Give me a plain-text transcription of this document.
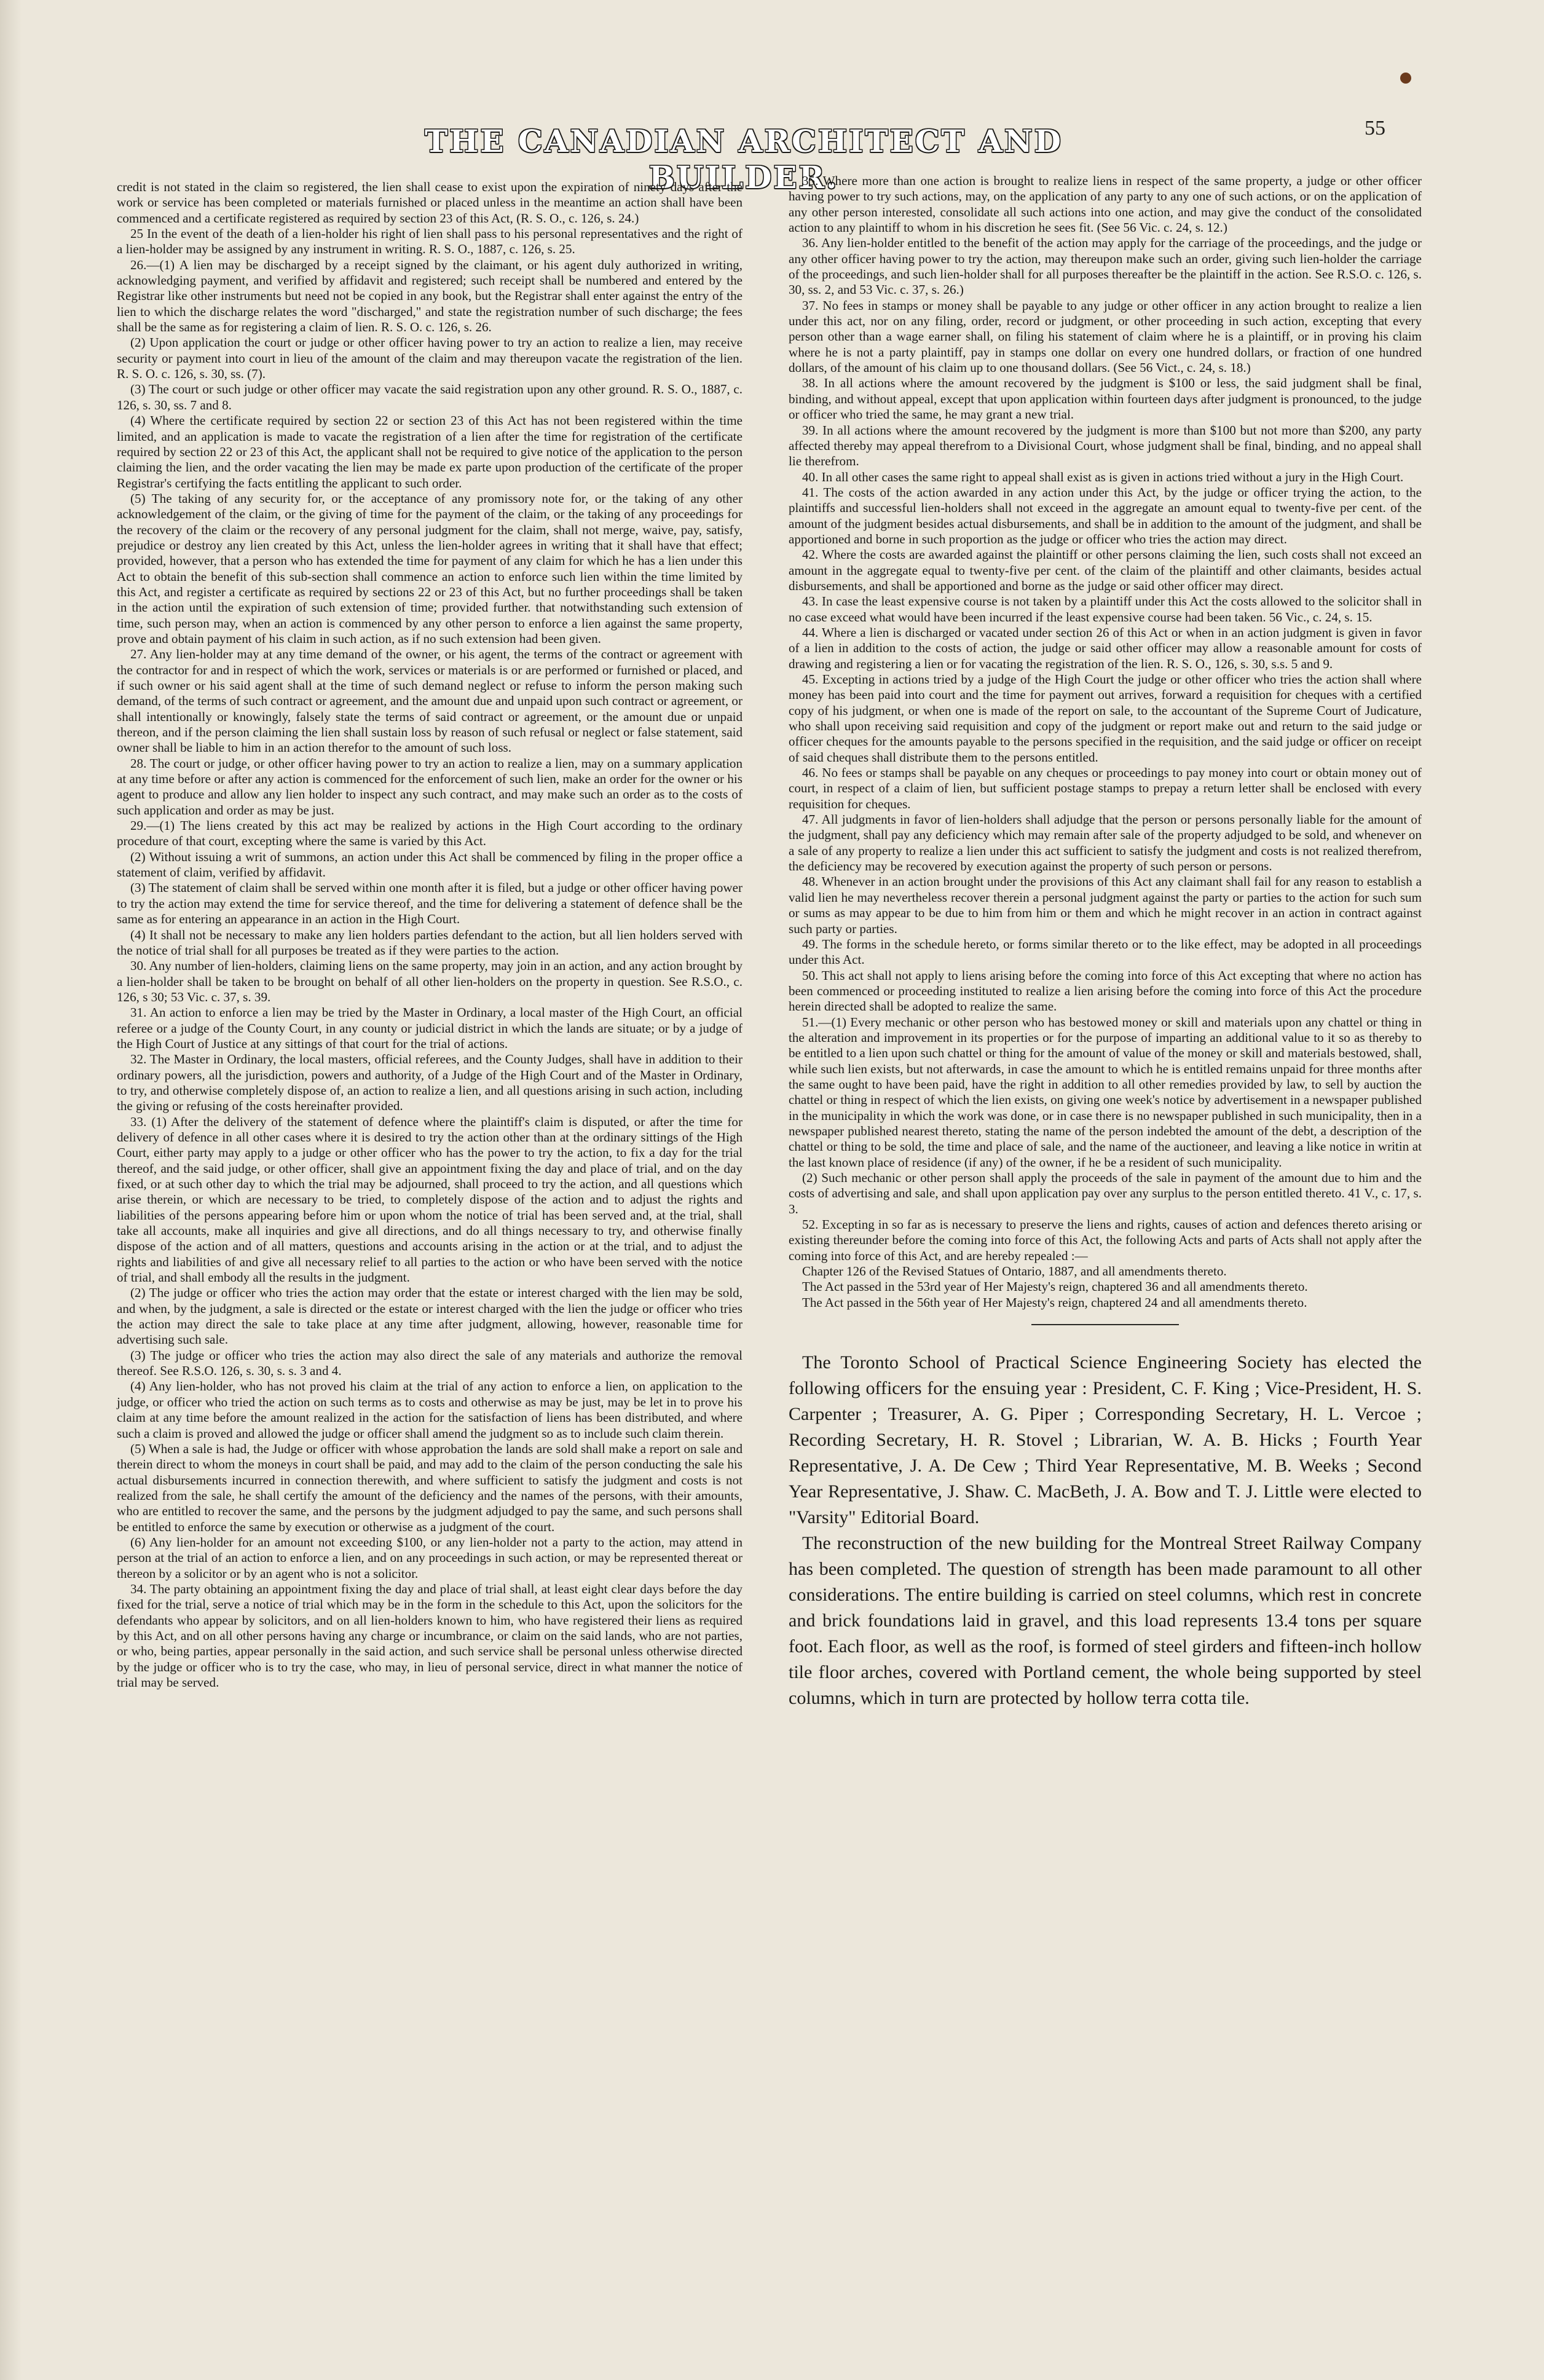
55
THE CANADIAN ARCHITECT AND BUILDER.

credit is not stated in the claim so registered, the lien shall cease to exist upon the expiration of ninety days after the work or service has been completed or materials furnished or placed unless in the meantime an action shall have been commenced and a certificate registered as required by section 23 of this Act, (R. S. O., c. 126, s. 24.)

25 In the event of the death of a lien-holder his right of lien shall pass to his personal representatives and the right of a lien-holder may be assigned by any instrument in writing. R. S. O., 1887, c. 126, s. 25.

26.—(1) A lien may be discharged by a receipt signed by the claimant, or his agent duly authorized in writing, acknowledging payment, and verified by affidavit and registered; such receipt shall be numbered and entered by the Registrar like other instruments but need not be copied in any book, but the Registrar shall enter against the entry of the lien to which the discharge relates the word "discharged," and state the registration number of such discharge; the fees shall be the same as for registering a claim of lien. R. S. O. c. 126, s. 26.

(2) Upon application the court or judge or other officer having power to try an action to realize a lien, may receive security or payment into court in lieu of the amount of the claim and may thereupon vacate the registration of the lien. R. S. O. c. 126, s. 30, ss. (7).

(3) The court or such judge or other officer may vacate the said registration upon any other ground. R. S. O., 1887, c. 126, s. 30, ss. 7 and 8.

(4) Where the certificate required by section 22 or section 23 of this Act has not been registered within the time limited, and an application is made to vacate the registration of a lien after the time for registration of the certificate required by section 22 or 23 of this Act, the applicant shall not be required to give notice of the application to the person claiming the lien, and the order vacating the lien may be made ex parte upon production of the certificate of the proper Registrar's certifying the facts entitling the applicant to such order.

(5) The taking of any security for, or the acceptance of any promissory note for, or the taking of any other acknowledgement of the claim, or the giving of time for the payment of the claim, or the taking of any proceedings for the recovery of the claim or the recovery of any personal judgment for the claim, shall not merge, waive, pay, satisfy, prejudice or destroy any lien created by this Act, unless the lien-holder agrees in writing that it shall have that effect; provided, however, that a person who has extended the time for payment of any claim for which he has a lien under this Act to obtain the benefit of this sub-section shall commence an action to enforce such lien within the time limited by this Act, and register a certificate as required by sections 22 or 23 of this Act, but no further proceedings shall be taken in the action until the expiration of such extension of time; provided further. that notwithstanding such extension of time, such person may, when an action is commenced by any other person to enforce a lien against the same property, prove and obtain payment of his claim in such action, as if no such extension had been given.

27. Any lien-holder may at any time demand of the owner, or his agent, the terms of the contract or agreement with the contractor for and in respect of which the work, services or materials is or are performed or furnished or placed, and if such owner or his said agent shall at the time of such demand neglect or refuse to inform the person making such demand, of the terms of such contract or agreement, and the amount due and unpaid upon such contract or agreement, or shall intentionally or knowingly, falsely state the terms of said contract or agreement, or the amount due or unpaid thereon, and if the person claiming the lien shall sustain loss by reason of such refusal or neglect or false statement, said owner shall be liable to him in an action therefor to the amount of such loss.

28. The court or judge, or other officer having power to try an action to realize a lien, may on a summary application at any time before or after any action is commenced for the enforcement of such lien, make an order for the owner or his agent to produce and allow any lien holder to inspect any such contract, and may make such an order as to the costs of such application and order as may be just.

29.—(1) The liens created by this act may be realized by actions in the High Court according to the ordinary procedure of that court, excepting where the same is varied by this Act.

(2) Without issuing a writ of summons, an action under this Act shall be commenced by filing in the proper office a statement of claim, verified by affidavit.

(3) The statement of claim shall be served within one month after it is filed, but a judge or other officer having power to try the action may extend the time for service thereof, and the time for delivering a statement of defence shall be the same as for entering an appearance in an action in the High Court.

(4) It shall not be necessary to make any lien holders parties defendant to the action, but all lien holders served with the notice of trial shall for all purposes be treated as if they were parties to the action.

30. Any number of lien-holders, claiming liens on the same property, may join in an action, and any action brought by a lien-holder shall be taken to be brought on behalf of all other lien-holders on the property in question. See R.S.O., c. 126, s 30; 53 Vic. c. 37, s. 39.

31. An action to enforce a lien may be tried by the Master in Ordinary, a local master of the High Court, an official referee or a judge of the County Court, in any county or judicial district in which the lands are situate; or by a judge of the High Court of Justice at any sittings of that court for the trial of actions.

32. The Master in Ordinary, the local masters, official referees, and the County Judges, shall have in addition to their ordinary powers, all the jurisdiction, powers and authority, of a Judge of the High Court and of the Master in Ordinary, to try, and otherwise completely dispose of, an action to realize a lien, and all questions arising in such action, including the giving or refusing of the costs hereinafter provided.

33. (1) After the delivery of the statement of defence where the plaintiff's claim is disputed, or after the time for delivery of defence in all other cases where it is desired to try the action other than at the ordinary sittings of the High Court, either party may apply to a judge or other officer who has the power to try the action, to fix a day for the trial thereof, and the said judge, or other officer, shall give an appointment fixing the day and place of trial, and on the day fixed, or at such other day to which the trial may be adjourned, shall proceed to try the action, and all questions which arise therein, or which are necessary to be tried, to completely dispose of the action and to adjust the rights and liabilities of the persons appearing before him or upon whom the notice of trial has been served and, at the trial, shall take all accounts, make all inquiries and give all directions, and do all things necessary to try, and otherwise finally dispose of the action and of all matters, questions and accounts arising in the action or at the trial, and to adjust the rights and liabilities of and give all necessary relief to all parties to the action or who have been served with the notice of trial, and shall embody all the results in the judgment.

(2) The judge or officer who tries the action may order that the estate or interest charged with the lien may be sold, and when, by the judgment, a sale is directed or the estate or interest charged with the lien the judge or officer who tries the action may direct the sale to take place at any time after judgment, allowing, however, reasonable time for advertising such sale.

(3) The judge or officer who tries the action may also direct the sale of any materials and authorize the removal thereof. See R.S.O. 126, s. 30, s. s. 3 and 4.

(4) Any lien-holder, who has not proved his claim at the trial of any action to enforce a lien, on application to the judge, or officer who tried the action on such terms as to costs and otherwise as may be just, may be let in to prove his claim at any time before the amount realized in the action for the satisfaction of liens has been distributed, and where such a claim is proved and allowed the judge or officer shall amend the judgment so as to include such claim therein.

(5) When a sale is had, the Judge or officer with whose approbation the lands are sold shall make a report on sale and therein direct to whom the moneys in court shall be paid, and may add to the claim of the person conducting the sale his actual disbursements incurred in connection therewith, and where sufficient to satisfy the judgment and costs is not realized from the sale, he shall certify the amount of the deficiency and the names of the persons, with their amounts, who are entitled to recover the same, and the persons by the judgment adjudged to pay the same, and such persons shall be entitled to enforce the same by execution or otherwise as a judgment of the court.

(6) Any lien-holder for an amount not exceeding $100, or any lien-holder not a party to the action, may attend in person at the trial of an action to enforce a lien, and on any proceedings in such action, or may be represented thereat or thereon by a solicitor or by an agent who is not a solicitor.

34. The party obtaining an appointment fixing the day and place of trial shall, at least eight clear days before the day fixed for the trial, serve a notice of trial which may be in the form in the schedule to this Act, upon the solicitors for the defendants who appear by solicitors, and on all lien-holders known to him, who have registered their liens as required by this Act, and on all other persons having any charge or incumbrance, or claim on the said lands, who are not parties, or who, being parties, appear personally in the said action, and such service shall be personal unless otherwise directed by the judge or officer who is to try the case, who may, in lieu of personal service, direct in what manner the notice of trial may be served.

35. Where more than one action is brought to realize liens in respect of the same property, a judge or other officer having power to try such actions, may, on the application of any party to any one of such actions, or on the application of any other person interested, consolidate all such actions into one action, and may give the conduct of the consolidated action to any plaintiff to whom in his discretion he sees fit. (See 56 Vic. c. 24, s. 12.)

36. Any lien-holder entitled to the benefit of the action may apply for the carriage of the proceedings, and the judge or any other officer having power to try the action, may thereupon make such an order, giving such lien-holder the carriage of the proceedings, and such lien-holder shall for all purposes thereafter be the plaintiff in the action. See R.S.O. c. 126, s. 30, ss. 2, and 53 Vic. c. 37, s. 26.)

37. No fees in stamps or money shall be payable to any judge or other officer in any action brought to realize a lien under this act, nor on any filing, order, record or judgment, or other proceeding in such action, excepting that every person other than a wage earner shall, on filing his statement of claim where he is a plaintiff, or in proving his claim where he is not a party plaintiff, pay in stamps one dollar on every one hundred dollars, or fraction of one hundred dollars, of the amount of his claim up to one thousand dollars. (See 56 Vict., c. 24, s. 18.)

38. In all actions where the amount recovered by the judgment is $100 or less, the said judgment shall be final, binding, and without appeal, except that upon application within fourteen days after judgment is pronounced, to the judge or officer who tried the same, he may grant a new trial.

39. In all actions where the amount recovered by the judgment is more than $100 but not more than $200, any party affected thereby may appeal therefrom to a Divisional Court, whose judgment shall be final, binding, and no appeal shall lie therefrom.

40. In all other cases the same right to appeal shall exist as is given in actions tried without a jury in the High Court.

41. The costs of the action awarded in any action under this Act, by the judge or officer trying the action, to the plaintiffs and successful lien-holders shall not exceed in the aggregate an amount equal to twenty-five per cent. of the amount of the judgment besides actual disbursements, and shall be in addition to the amount of the judgment, and shall be apportioned and borne in such proportion as the judge or officer who tries the action may direct.

42. Where the costs are awarded against the plaintiff or other persons claiming the lien, such costs shall not exceed an amount in the aggregate equal to twenty-five per cent. of the claim of the plaintiff and other claimants, besides actual disbursements, and shall be apportioned and borne as the judge or said other officer may direct.

43. In case the least expensive course is not taken by a plaintiff under this Act the costs allowed to the solicitor shall in no case exceed what would have been incurred if the least expensive course had been taken. 56 Vic., c. 24, s. 15.

44. Where a lien is discharged or vacated under section 26 of this Act or when in an action judgment is given in favor of a lien in addition to the costs of action, the judge or said other officer may allow a reasonable amount for costs of drawing and registering a lien or for vacating the registration of the lien. R. S. O., 126, s. 30, s.s. 5 and 9.

45. Excepting in actions tried by a judge of the High Court the judge or other officer who tries the action shall where money has been paid into court and the time for payment out arrives, forward a requisition for cheques with a certified copy of his judgment, or when one is made of the report on sale, to the accountant of the Supreme Court of Judicature, who shall upon receiving said requisition and copy of the judgment or report make out and return to the said judge or officer cheques for the amounts payable to the persons specified in the requisition, and the said judge or officer on receipt of said cheques shall distribute them to the persons entitled.

46. No fees or stamps shall be payable on any cheques or proceedings to pay money into court or obtain money out of court, in respect of a claim of lien, but sufficient postage stamps to prepay a return letter shall be enclosed with every requisition for cheques.

47. All judgments in favor of lien-holders shall adjudge that the person or persons personally liable for the amount of the judgment, shall pay any deficiency which may remain after sale of the property adjudged to be sold, and whenever on a sale of any property to realize a lien under this act sufficient to satisfy the judgment and costs is not realized therefrom, the deficiency may be recovered by execution against the property of such person or persons.

48. Whenever in an action brought under the provisions of this Act any claimant shall fail for any reason to establish a valid lien he may nevertheless recover therein a personal judgment against the party or parties to the action for such sum or sums as may appear to be due to him from him or them and which he might recover in an action in contract against such party or parties.

49. The forms in the schedule hereto, or forms similar thereto or to the like effect, may be adopted in all proceedings under this Act.

50. This act shall not apply to liens arising before the coming into force of this Act excepting that where no action has been commenced or proceeding instituted to realize a lien arising before the coming into force of this Act the procedure herein directed shall be adopted to realize the same.

51.—(1) Every mechanic or other person who has bestowed money or skill and materials upon any chattel or thing in the alteration and improvement in its properties or for the purpose of imparting an additional value to it so as thereby to be entitled to a lien upon such chattel or thing for the amount of value of the money or skill and materials bestowed, shall, while such lien exists, but not afterwards, in case the amount to which he is entitled remains unpaid for three months after the same ought to have been paid, have the right in addition to all other remedies provided by law, to sell by auction the chattel or thing in respect of which the lien exists, on giving one week's notice by advertisement in a newspaper published in the municipality in which the work was done, or in case there is no newspaper published in such municipality, then in a newspaper published nearest thereto, stating the name of the person indebted the amount of the debt, a description of the chattel or thing to be sold, the time and place of sale, and the name of the auctioneer, and leaving a like notice in writin at the last known place of residence (if any) of the owner, if he be a resident of such municipality.

(2) Such mechanic or other person shall apply the proceeds of the sale in payment of the amount due to him and the costs of advertising and sale, and shall upon application pay over any surplus to the person entitled thereto. 41 V., c. 17, s. 3.

52. Excepting in so far as is necessary to preserve the liens and rights, causes of action and defences thereto arising or existing thereunder before the coming into force of this Act, the following Acts and parts of Acts shall not apply after the coming into force of this Act, and are hereby repealed :—

Chapter 126 of the Revised Statues of Ontario, 1887, and all amendments thereto.

The Act passed in the 53rd year of Her Majesty's reign, chaptered 36 and all amendments thereto.

The Act passed in the 56th year of Her Majesty's reign, chaptered 24 and all amendments thereto.

The Toronto School of Practical Science Engineering Society has elected the following officers for the ensuing year : President, C. F. King ; Vice-President, H. S. Carpenter ; Treasurer, A. G. Piper ; Corresponding Secretary, H. L. Vercoe ; Recording Secretary, H. R. Stovel ; Librarian, W. A. B. Hicks ; Fourth Year Representative, J. A. De Cew ; Third Year Representative, M. B. Weeks ; Second Year Representative, J. Shaw. C. MacBeth, J. A. Bow and T. J. Little were elected to "Varsity" Editorial Board.

The reconstruction of the new building for the Montreal Street Railway Company has been completed. The question of strength has been made paramount to all other considerations. The entire building is carried on steel columns, which rest in concrete and brick foundations laid in gravel, and this load represents 13.4 tons per square foot. Each floor, as well as the roof, is formed of steel girders and fifteen-inch hollow tile floor arches, covered with Portland cement, the whole being supported by steel columns, which in turn are protected by hollow terra cotta tile.
